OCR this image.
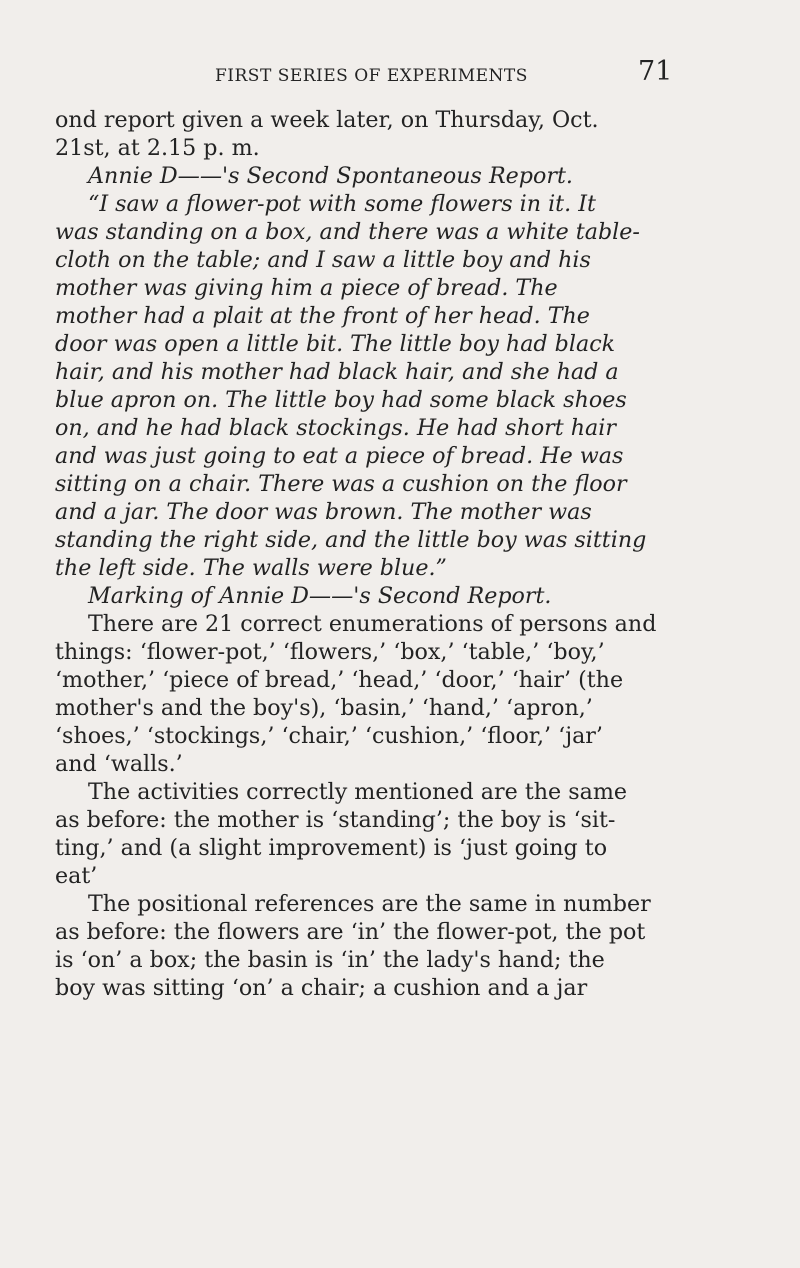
FIRST SERIES OF EXPERIMENTS	71
ond report given a week later, on Thursday, Oct.
21st, at 2.15 p. m.
Annie D——'s Second Spontaneous Report.
“I saw a flower-pot with some flowers in it. It
was standing on a box, and there was a white table-
cloth on the table; and I saw a little boy and his
mother was giving him a piece of bread. The
mother had a plait at the front of her head. The
door was open a little bit. The little boy had black
hair, and his mother had black hair, and she had a
blue apron on. The little boy had some black shoes
on, and he had black stockings. He had short hair
and was just going to eat a piece of bread. He was
sitting on a chair. There was a cushion on the floor
and a jar. The door was brown. The mother was
standing the right side, and the little boy was sitting
the left side. The walls were blue.”
Marking of Annie D——'s Second Report.
There are 21 correct enumerations of persons and
things: ‘flower-pot,’ ‘flowers,’ ‘box,’ ‘table,’ ‘boy,’
‘mother,’ ‘piece of bread,’ ‘head,’ ‘door,’ ‘hair’ (the
mother's and the boy's), ‘basin,’ ‘hand,’ ‘apron,’
‘shoes,’ ‘stockings,’ ‘chair,’ ‘cushion,’ ‘floor,’ ‘jar’
and ‘walls.’
The activities correctly mentioned are the same
as before: the mother is ‘standing’; the boy is ‘sit-
ting,’ and (a slight improvement) is ‘just going to
eat’
The positional references are the same in number
as before: the flowers are ‘in’ the flower-pot, the pot
is ‘on’ a box; the basin is ‘in’ the lady's hand; the
boy was sitting ‘on’ a chair; a cushion and a jar
